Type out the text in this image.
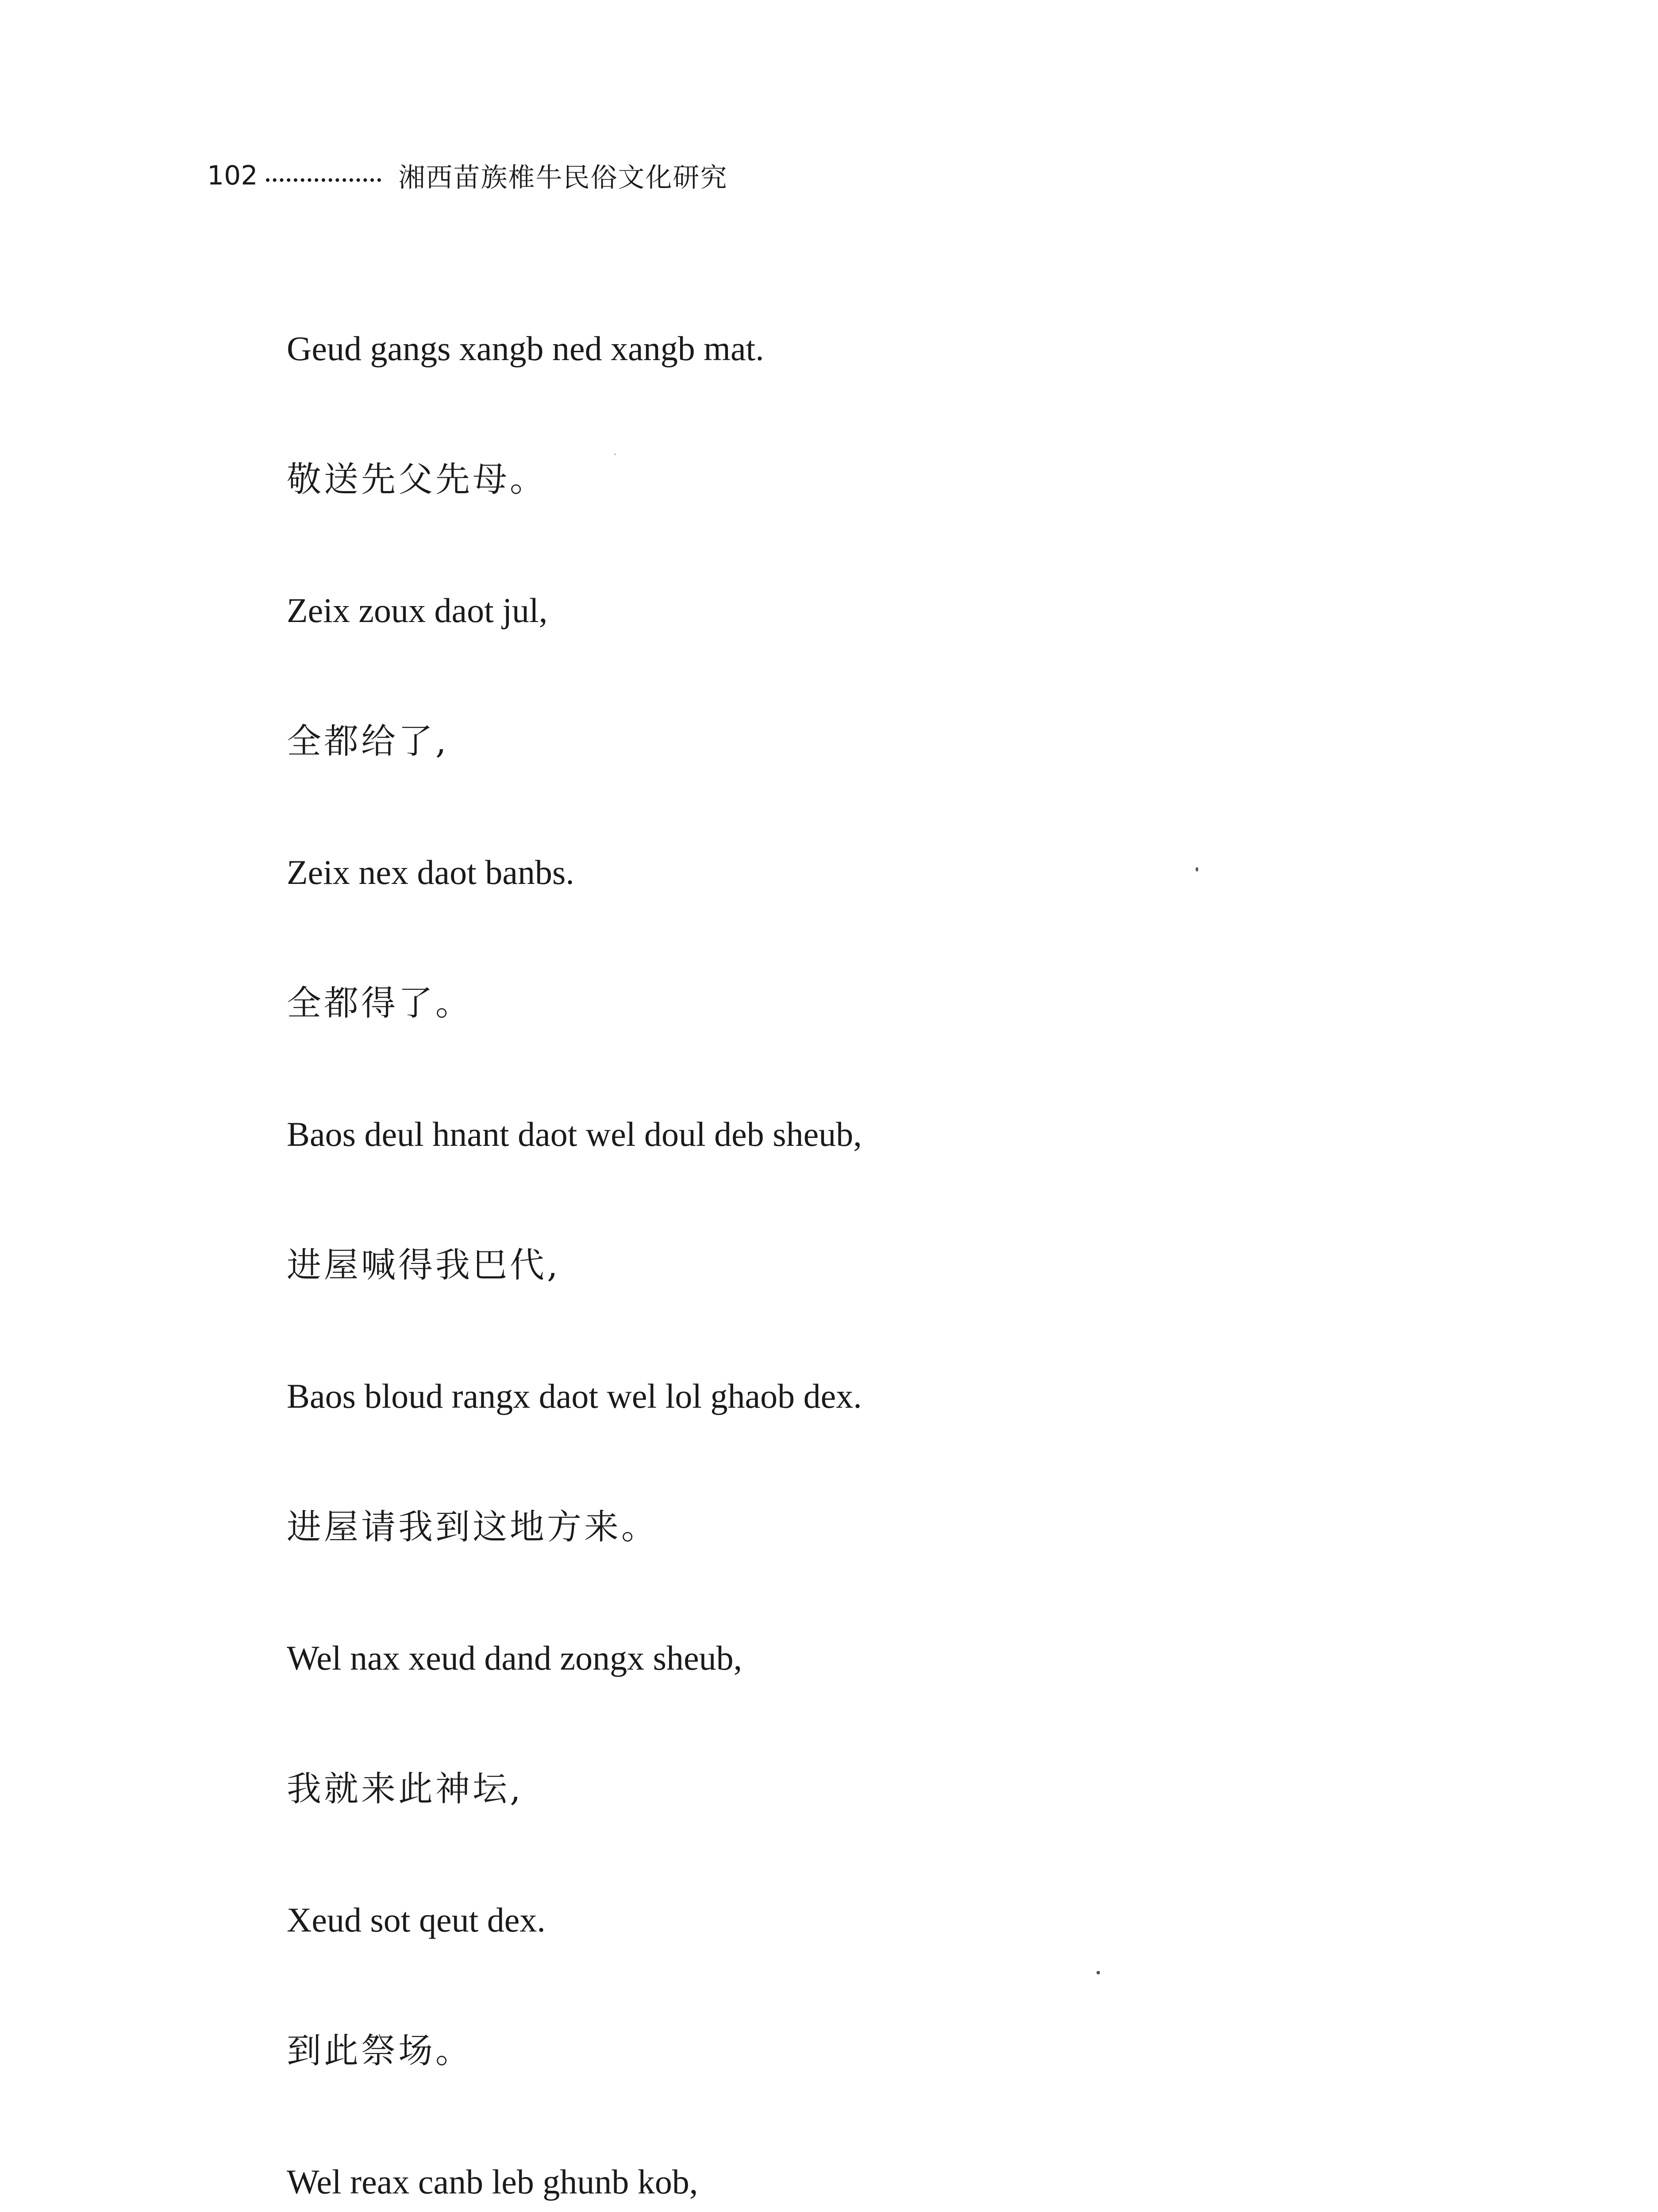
102	湘西苗族椎牛民俗文化研究
Geud gangs xangb ned xangb mat.
敬送先父先母。
Zeix zoux daot jul,
全都给了,
Zeix nex daot banbs.
全都得了。
Baos deul hnant daot wel doul deb sheub,
进屋喊得我巴代,
Baos bloud rangx daot wel lol ghaob dex.
进屋请我到这地方来。
Wel nax xeud dand zongx sheub,
我就来此神坛,
Xeud sot qeut dex.
到此祭场。
Wel reax canb leb ghunb kob,
